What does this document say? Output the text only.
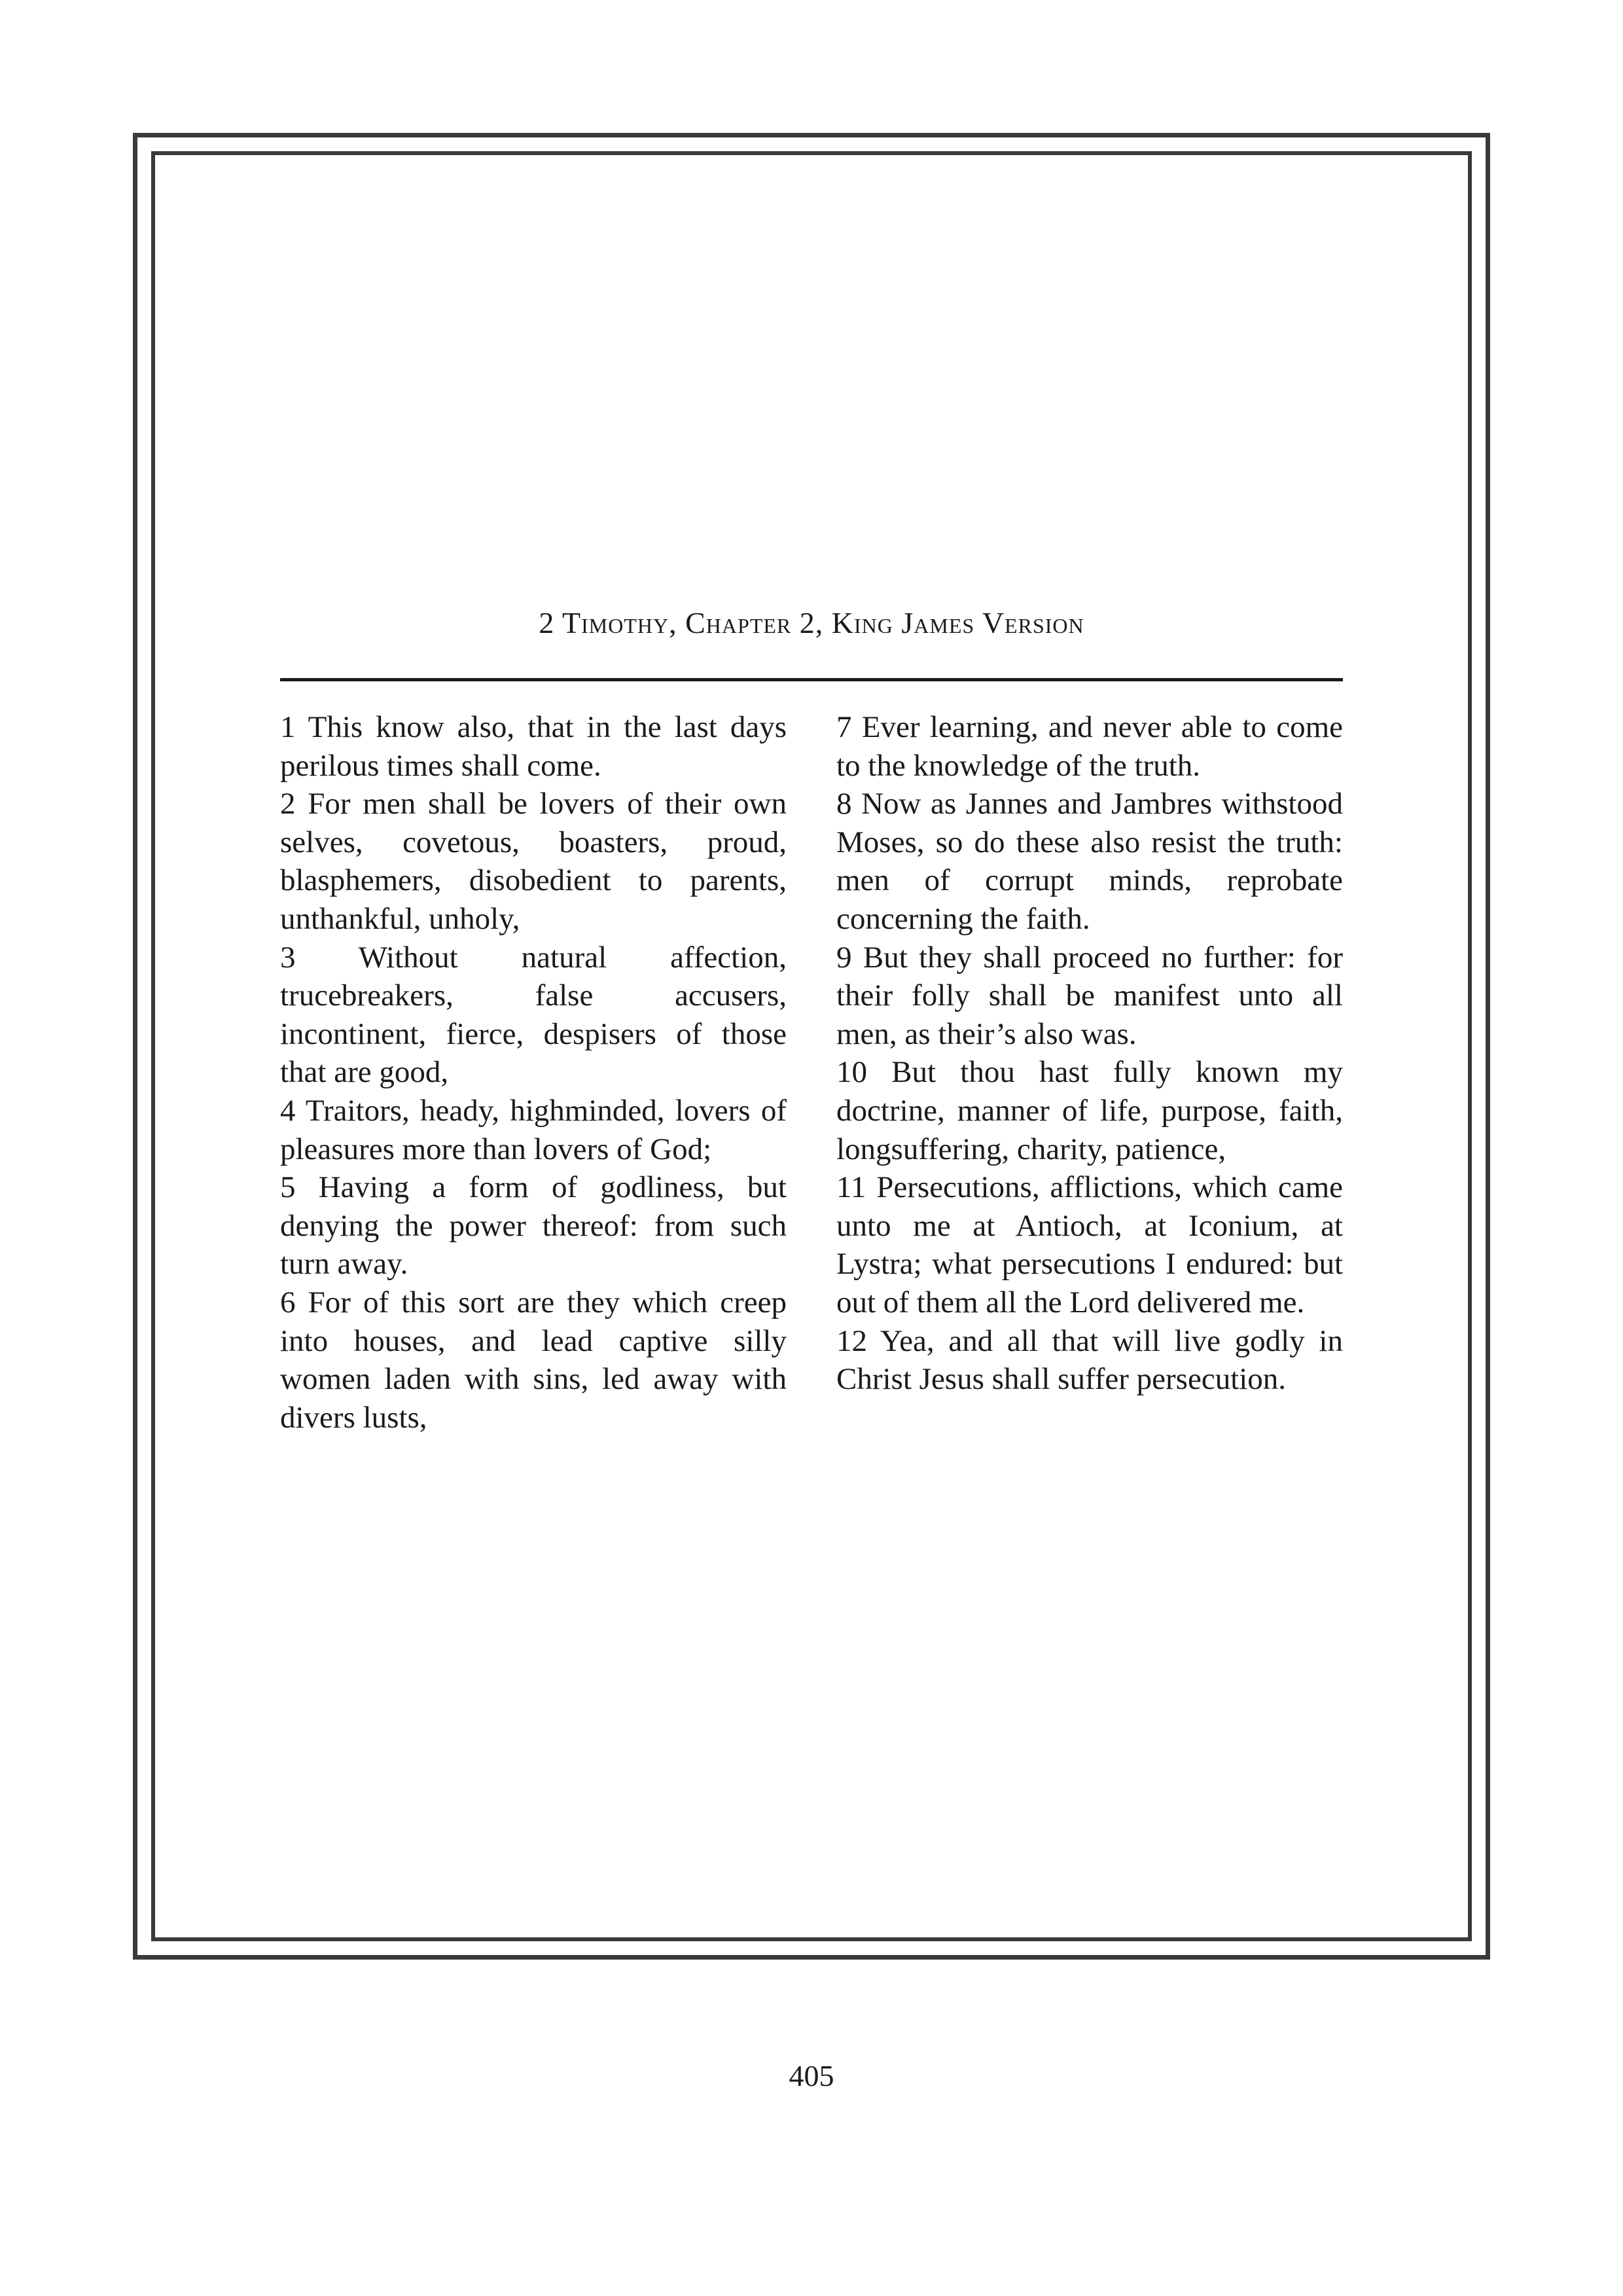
2 Timothy, Chapter 2, King James Version

1 This know also, that in the last days perilous times shall come.

2 For men shall be lovers of their own selves, covetous, boasters, proud, blasphemers, disobedient to parents, unthankful, unholy,

3 Without natural affection, trucebreakers, false accusers, incontinent, fierce, despisers of those that are good,

4 Traitors, heady, highminded, lovers of pleasures more than lovers of God;

5 Having a form of godliness, but denying the power thereof: from such turn away.

6 For of this sort are they which creep into houses, and lead captive silly women laden with sins, led away with divers lusts,

7 Ever learning, and never able to come to the knowledge of the truth.

8 Now as Jannes and Jambres withstood Moses, so do these also resist the truth: men of corrupt minds, reprobate concerning the faith.

9 But they shall proceed no further: for their folly shall be manifest unto all men, as their’s also was.

10 But thou hast fully known my doctrine, manner of life, purpose, faith, longsuffering, charity, patience,

11 Persecutions, afflictions, which came unto me at Antioch, at Iconium, at Lystra; what persecutions I endured: but out of them all the Lord delivered me.

12 Yea, and all that will live godly in Christ Jesus shall suffer persecution.

405
